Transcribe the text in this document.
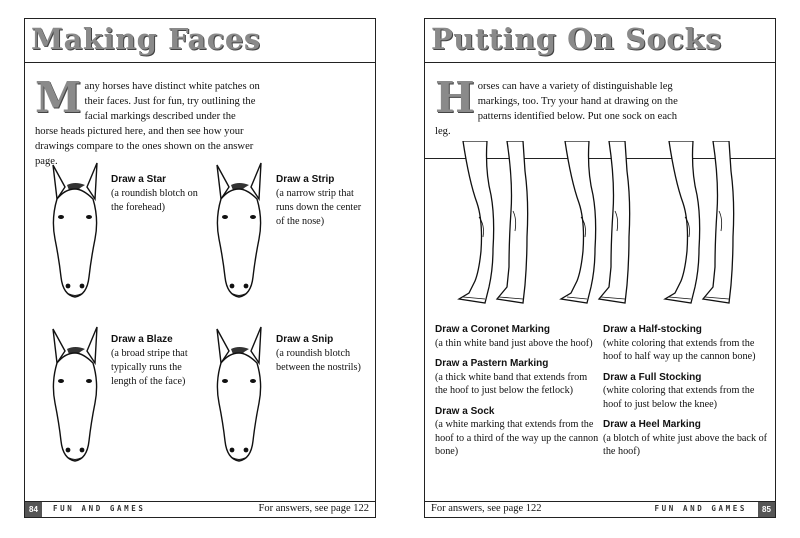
Making Faces
Many horses have distinct white patches on their faces. Just for fun, try outlining the facial markings described under the horse heads pictured here, and then see how your drawings compare to the ones shown on the answer page.
Draw a Star
(a roundish blotch on the forehead)
Draw a Strip
(a narrow strip that runs down the center of the nose)
Draw a Blaze
(a broad stripe that typically runs the length of the face)
Draw a Snip
(a roundish blotch between the nostrils)
84	FUN AND GAMES	For answers, see page 122
Putting On Socks
Horses can have a variety of distinguishable leg markings, too. Try your hand at drawing on the patterns identified below. Put one sock on each leg.
Draw a Coronet Marking
(a thin white band just above the hoof)
Draw a Pastern Marking
(a thick white band that extends from the hoof to just below the fetlock)
Draw a Sock
(a white marking that extends from the hoof to a third of the way up the cannon bone)
Draw a Half-stocking
(white coloring that extends from the hoof to half way up the cannon bone)
Draw a Full Stocking
(white coloring that extends from the hoof to just below the knee)
Draw a Heel Marking
(a blotch of white just above the back of the hoof)
For answers, see page 122	FUN AND GAMES	85
